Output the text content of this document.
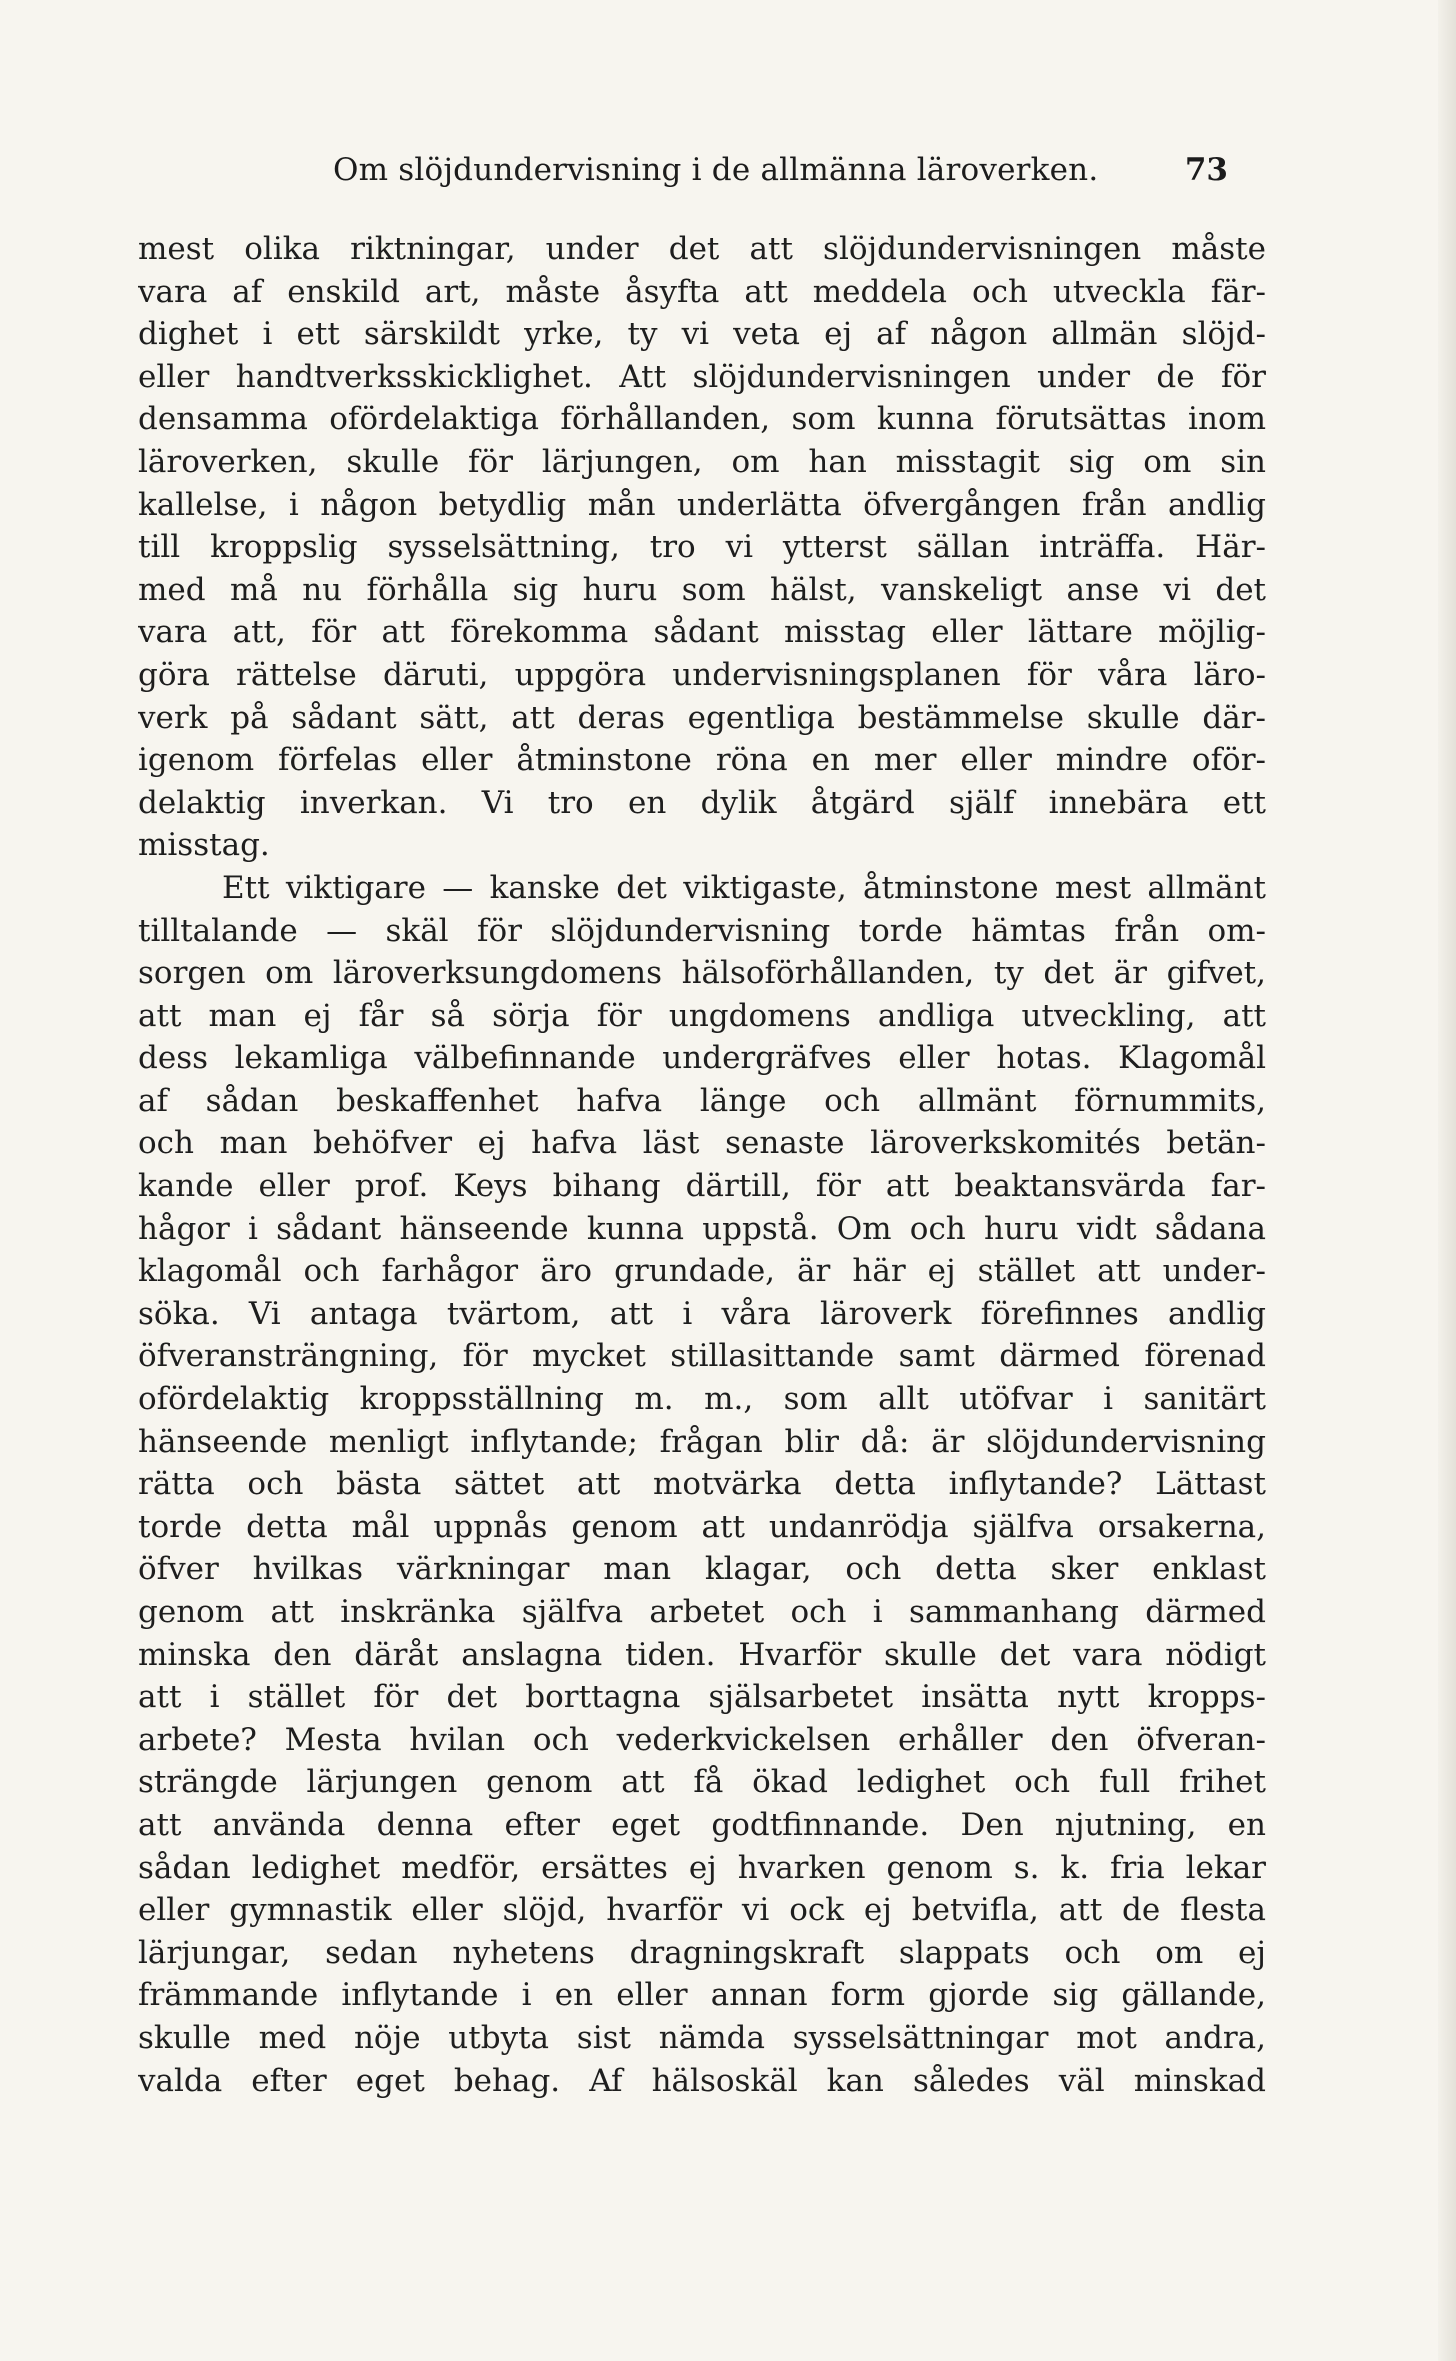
Om slöjdundervisning i de allmänna läroverken.	73
mest olika riktningar, under det att slöjdundervisningen måste
vara af enskild art, måste åsyfta att meddela och utveckla fär-
dighet i ett särskildt yrke, ty vi veta ej af någon allmän slöjd-
eller handtverksskicklighet. Att slöjdundervisningen under de för
densamma ofördelaktiga förhållanden, som kunna förutsättas inom
läroverken, skulle för lärjungen, om han misstagit sig om sin
kallelse, i någon betydlig mån underlätta öfvergången från andlig
till kroppslig sysselsättning, tro vi ytterst sällan inträffa. Här-
med må nu förhålla sig huru som hälst, vanskeligt anse vi det
vara att, för att förekomma sådant misstag eller lättare möjlig-
göra rättelse däruti, uppgöra undervisningsplanen för våra läro-
verk på sådant sätt, att deras egentliga bestämmelse skulle där-
igenom förfelas eller åtminstone röna en mer eller mindre oför-
delaktig inverkan. Vi tro en dylik åtgärd själf innebära ett
misstag.
Ett viktigare — kanske det viktigaste, åtminstone mest allmänt
tilltalande — skäl för slöjdundervisning torde hämtas från om-
sorgen om läroverksungdomens hälsoförhållanden, ty det är gifvet,
att man ej får så sörja för ungdomens andliga utveckling, att
dess lekamliga välbefinnande undergräfves eller hotas. Klagomål
af sådan beskaffenhet hafva länge och allmänt förnummits,
och man behöfver ej hafva läst senaste läroverkskomités betän-
kande eller prof. Keys bihang därtill, för att beaktansvärda far-
hågor i sådant hänseende kunna uppstå. Om och huru vidt sådana
klagomål och farhågor äro grundade, är här ej stället att under-
söka. Vi antaga tvärtom, att i våra läroverk förefinnes andlig
öfveransträngning, för mycket stillasittande samt därmed förenad
ofördelaktig kroppsställning m. m., som allt utöfvar i sanitärt
hänseende menligt inflytande; frågan blir då: är slöjdundervisning
rätta och bästa sättet att motvärka detta inflytande? Lättast
torde detta mål uppnås genom att undanrödja själfva orsakerna,
öfver hvilkas värkningar man klagar, och detta sker enklast
genom att inskränka själfva arbetet och i sammanhang därmed
minska den däråt anslagna tiden. Hvarför skulle det vara nödigt
att i stället för det borttagna själsarbetet insätta nytt kropps-
arbete? Mesta hvilan och vederkvickelsen erhåller den öfveran-
strängde lärjungen genom att få ökad ledighet och full frihet
att använda denna efter eget godtfinnande. Den njutning, en
sådan ledighet medför, ersättes ej hvarken genom s. k. fria lekar
eller gymnastik eller slöjd, hvarför vi ock ej betvifla, att de flesta
lärjungar, sedan nyhetens dragningskraft slappats och om ej
främmande inflytande i en eller annan form gjorde sig gällande,
skulle med nöje utbyta sist nämda sysselsättningar mot andra,
valda efter eget behag. Af hälsoskäl kan således väl minskad
